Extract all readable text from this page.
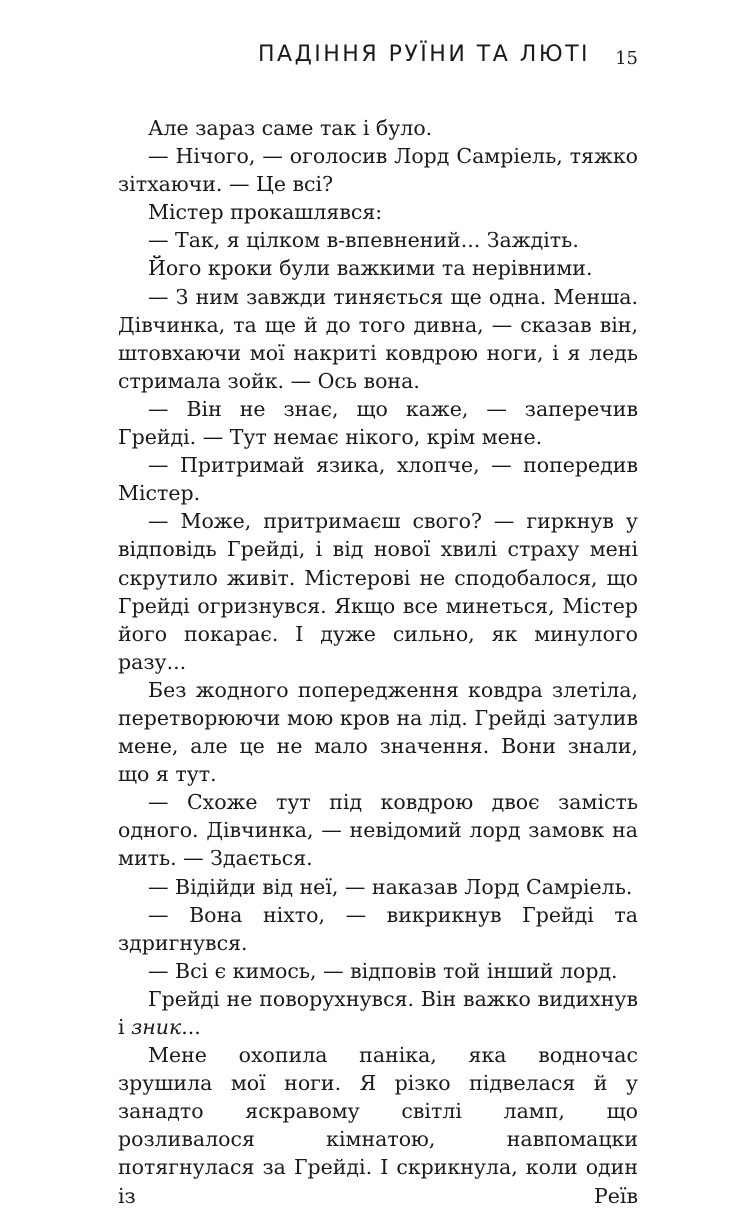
ПАДІННЯ РУЇНИ ТА ЛЮТІ 15

Але зараз саме так і було.

— Нічого, — оголосив Лорд Самріель, тяжко зітхаючи. — Це всі?

Містер прокашлявся:

— Так, я цілком в-впевнений... Заждіть.

Його кроки були важкими та нерівними.

— З ним завжди тиняється ще одна. Менша. Дівчинка, та ще й до того дивна, — сказав він, штовхаючи мої накриті ковдрою ноги, і я ледь стримала зойк. — Ось вона.

— Він не знає, що каже, — заперечив Грейді. — Тут немає нікого, крім мене.

— Притримай язика, хлопче, — попередив Містер.

— Може, притримаєш свого? — гиркнув у відповідь Грейді, і від нової хвилі страху мені скрутило живіт. Містерові не сподобалося, що Грейді огризнувся. Якщо все минеться, Містер його покарає. І дуже сильно, як минулого разу...

Без жодного попередження ковдра злетіла, перетворюючи мою кров на лід. Грейді затулив мене, але це не мало значення. Вони знали, що я тут.

— Схоже тут під ковдрою двоє замість одного. Дівчинка, — невідомий лорд замовк на мить. — Здається.

— Відійди від неї, — наказав Лорд Самріель.

— Вона ніхто, — викрикнув Грейді та здригнувся.

— Всі є кимось, — відповів той інший лорд.

Грейді не поворухнувся. Він важко видихнув і зник...

Мене охопила паніка, яка водночас зрушила мої ноги. Я різко підвелася й у занадто яскравому світлі ламп, що розливалося кімнатою, навпомацки потягнулася за Грейді. І скрикнула, коли один із Реїв
